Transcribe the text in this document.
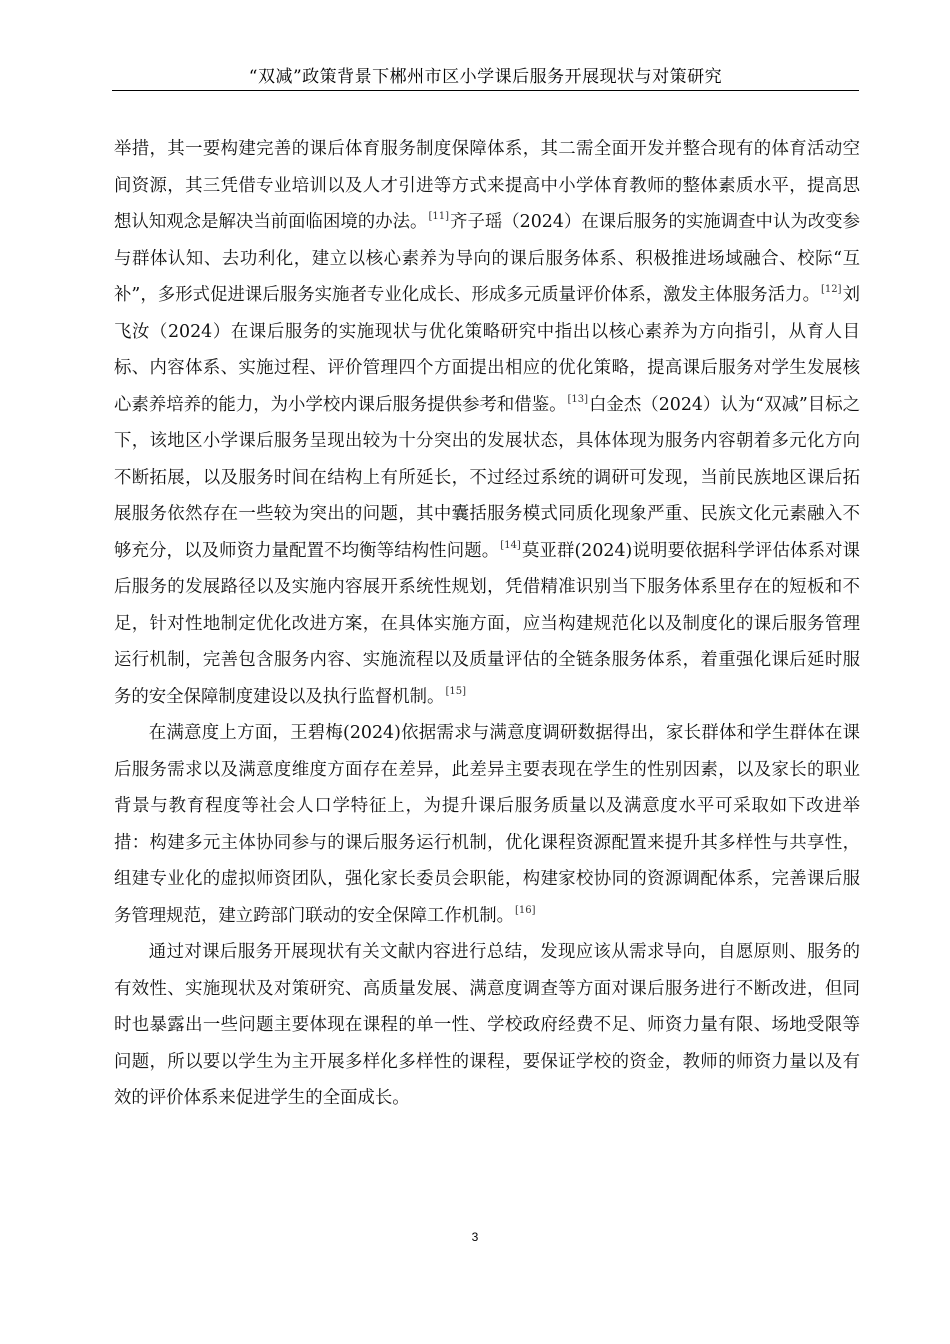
“双减”政策背景下郴州市区小学课后服务开展现状与对策研究

举措，其一要构建完善的课后体育服务制度保障体系，其二需全面开发并整合现有的体育活动空间资源，其三凭借专业培训以及人才引进等方式来提高中小学体育教师的整体素质水平，提高思想认知观念是解决当前面临困境的办法。[11]齐子瑶（2024）在课后服务的实施调查中认为改变参与群体认知、去功利化，建立以核心素养为导向的课后服务体系、积极推进场域融合、校际“互补”，多形式促进课后服务实施者专业化成长、形成多元质量评价体系，激发主体服务活力。[12]刘飞汝（2024）在课后服务的实施现状与优化策略研究中指出以核心素养为方向指引，从育人目标、内容体系、实施过程、评价管理四个方面提出相应的优化策略，提高课后服务对学生发展核心素养培养的能力，为小学校内课后服务提供参考和借鉴。[13]白金杰（2024）认为“双减”目标之下，该地区小学课后服务呈现出较为十分突出的发展状态，具体体现为服务内容朝着多元化方向不断拓展，以及服务时间在结构上有所延长，不过经过系统的调研可发现，当前民族地区课后拓展服务依然存在一些较为突出的问题，其中囊括服务模式同质化现象严重、民族文化元素融入不够充分，以及师资力量配置不均衡等结构性问题。[14]莫亚群(2024)说明要依据科学评估体系对课后服务的发展路径以及实施内容展开系统性规划，凭借精准识别当下服务体系里存在的短板和不足，针对性地制定优化改进方案，在具体实施方面，应当构建规范化以及制度化的课后服务管理运行机制，完善包含服务内容、实施流程以及质量评估的全链条服务体系，着重强化课后延时服务的安全保障制度建设以及执行监督机制。[15]

在满意度上方面，王碧梅(2024)依据需求与满意度调研数据得出，家长群体和学生群体在课后服务需求以及满意度维度方面存在差异，此差异主要表现在学生的性别因素，以及家长的职业背景与教育程度等社会人口学特征上，为提升课后服务质量以及满意度水平可采取如下改进举措：构建多元主体协同参与的课后服务运行机制，优化课程资源配置来提升其多样性与共享性，组建专业化的虚拟师资团队，强化家长委员会职能，构建家校协同的资源调配体系，完善课后服务管理规范，建立跨部门联动的安全保障工作机制。[16]

通过对课后服务开展现状有关文献内容进行总结，发现应该从需求导向，自愿原则、服务的有效性、实施现状及对策研究、高质量发展、满意度调查等方面对课后服务进行不断改进，但同时也暴露出一些问题主要体现在课程的单一性、学校政府经费不足、师资力量有限、场地受限等问题，所以要以学生为主开展多样化多样性的课程，要保证学校的资金，教师的师资力量以及有效的评价体系来促进学生的全面成长。

3
